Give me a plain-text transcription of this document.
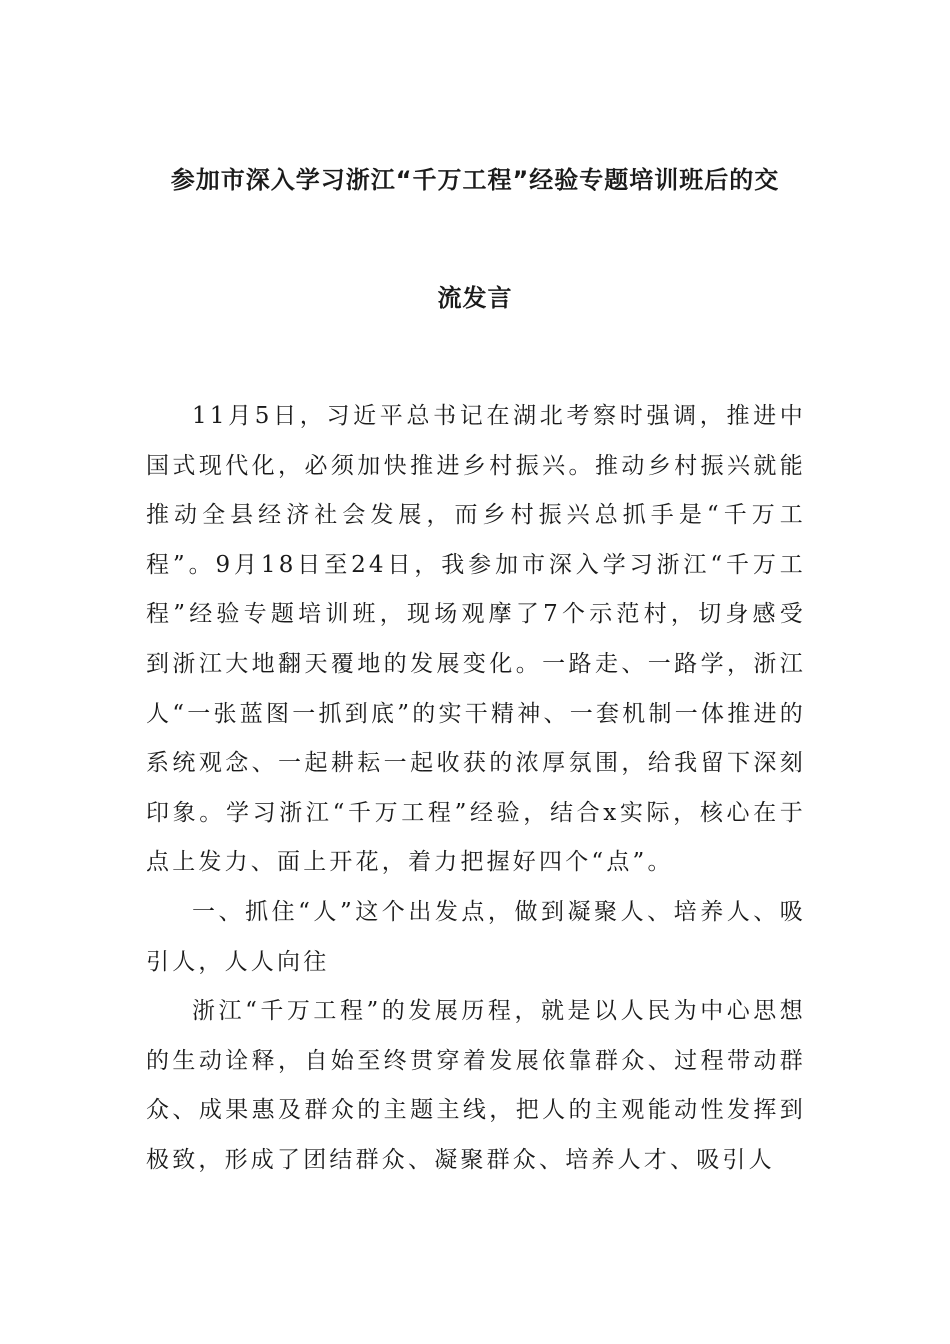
参加市深入学习浙江“千万工程”经验专题培训班后的交
流发言

11月5日，习近平总书记在湖北考察时强调，推进中国式现代化，必须加快推进乡村振兴。推动乡村振兴就能推动全县经济社会发展，而乡村振兴总抓手是“千万工程”。9月18日至24日，我参加市深入学习浙江“千万工程”经验专题培训班，现场观摩了7个示范村，切身感受到浙江大地翻天覆地的发展变化。一路走、一路学，浙江人“一张蓝图一抓到底”的实干精神、一套机制一体推进的系统观念、一起耕耘一起收获的浓厚氛围，给我留下深刻印象。学习浙江“千万工程”经验，结合x实际，核心在于点上发力、面上开花，着力把握好四个“点”。

一、抓住“人”这个出发点，做到凝聚人、培养人、吸引人，人人向往

浙江“千万工程”的发展历程，就是以人民为中心思想的生动诠释，自始至终贯穿着发展依靠群众、过程带动群众、成果惠及群众的主题主线，把人的主观能动性发挥到极致，形成了团结群众、凝聚群众、培养人才、吸引人
